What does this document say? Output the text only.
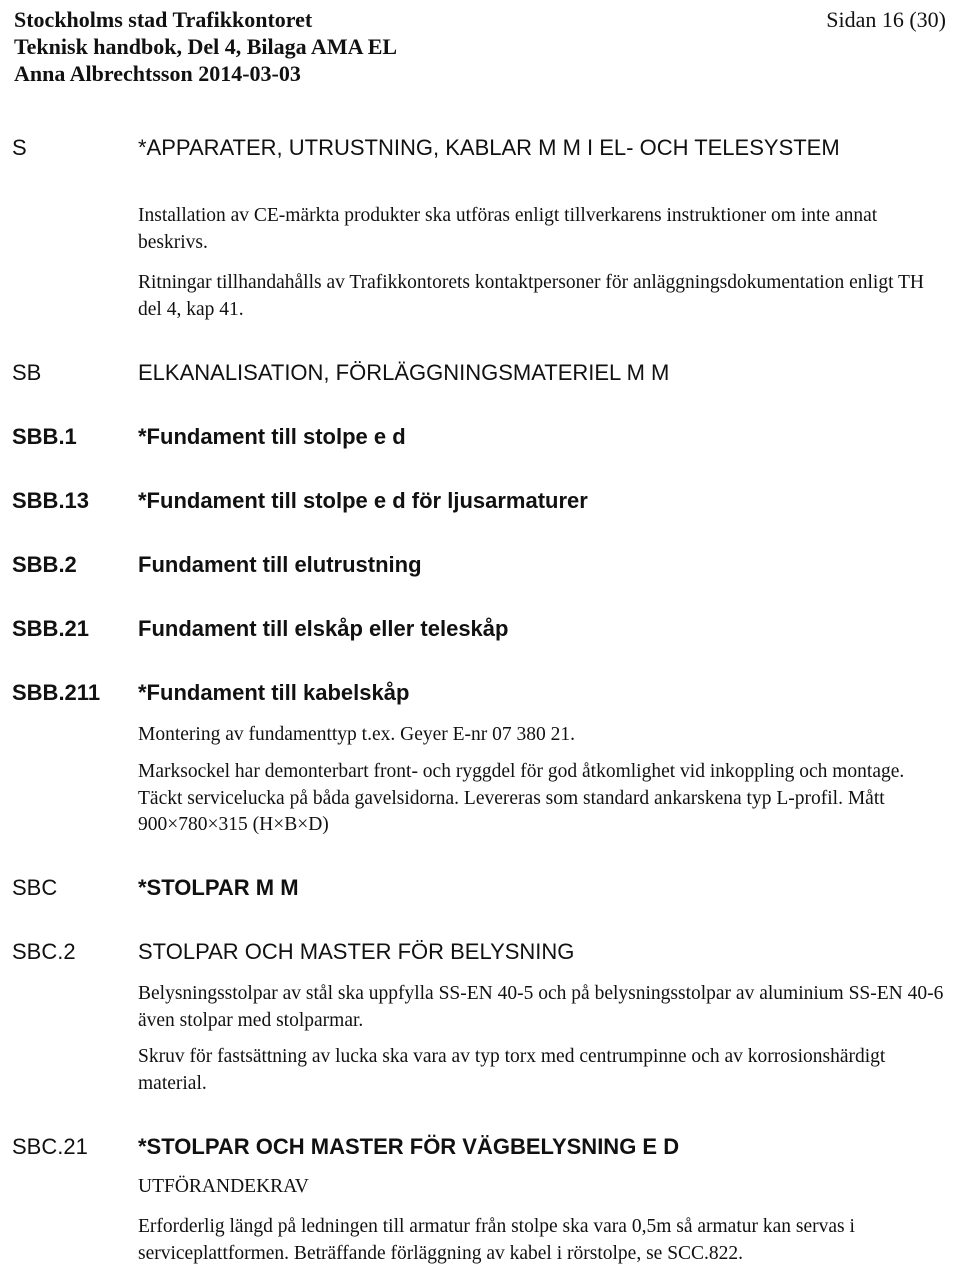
Stockholms stad Trafikkontoret	Sidan 16 (30)
Teknisk handbok, Del 4, Bilaga AMA EL
Anna Albrechtsson 2014-03-03
S	*APPARATER, UTRUSTNING, KABLAR M M I EL- OCH TELESYSTEM
Installation av CE-märkta produkter ska utföras enligt tillverkarens instruktioner om inte annat beskrivs.
Ritningar tillhandahålls av Trafikkontorets kontaktpersoner för anläggningsdokumentation enligt TH del 4, kap 41.
SB	ELKANALISATION, FÖRLÄGGNINGSMATERIEL M M
SBB.1	*Fundament till stolpe e d
SBB.13 *Fundament till stolpe e d för ljusarmaturer
SBB.2	Fundament till elutrustning
SBB.21 Fundament till elskåp eller teleskåp
SBB.211 *Fundament till kabelskåp
Montering av fundamenttyp t.ex. Geyer E-nr 07 380 21.
Marksockel har demonterbart front- och ryggdel för god åtkomlighet vid inkoppling och montage. Täckt servicelucka på båda gavelsidorna. Levereras som standard ankarskena typ L-profil. Mått 900×780×315 (H×B×D)
SBC	*STOLPAR M M
SBC.2	STOLPAR OCH MASTER FÖR BELYSNING
Belysningsstolpar av stål ska uppfylla SS-EN 40-5 och på belysningsstolpar av aluminium SS-EN 40-6 även stolpar med stolparmar.
Skruv för fastsättning av lucka ska vara av typ torx med centrumpinne och av korrosionshärdigt material.
SBC.21 *STOLPAR OCH MASTER FÖR VÄGBELYSNING E D
UTFÖRANDEKRAV
Erforderlig längd på ledningen till armatur från stolpe ska vara 0,5m så armatur kan servas i serviceplattformen. Beträffande förläggning av kabel i rörstolpe, se SCC.822.
